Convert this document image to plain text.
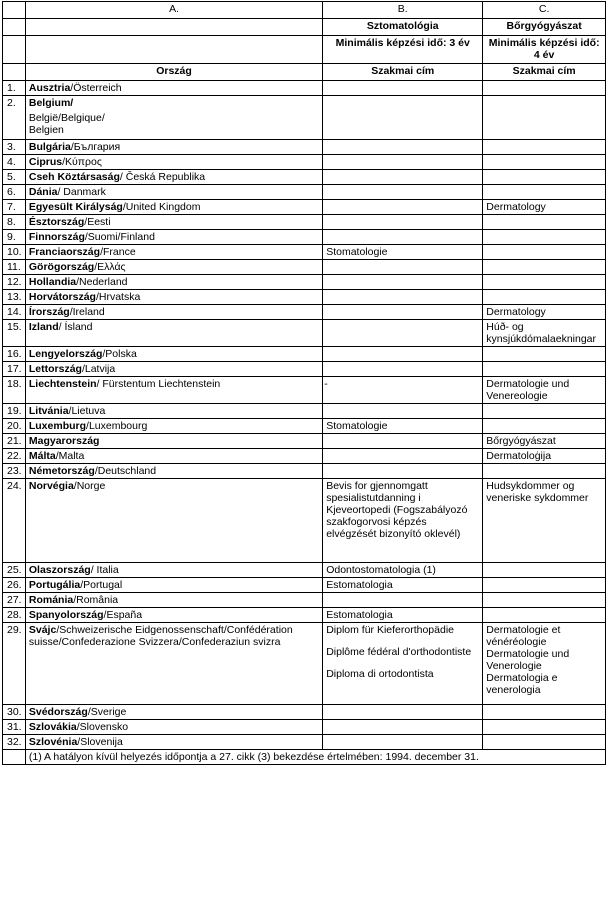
	A.	B.	C.
		Sztomatológia	Bőrgyógyászat
		Minimális képzési idő: 3 év	Minimális képzési idő: 4 év
	Ország	Szakmai cím	Szakmai cím
1.	Ausztria/Österreich		
2.	Belgium/
België/Belgique/ Belgien		
3.	Bulgária/България		
4.	Ciprus/Κύπρος		
5.	Cseh Köztársaság/ Česká Republika		
6.	Dánia/ Danmark		
7.	Egyesült Királyság/United Kingdom		Dermatology
8.	Észtország/Eesti		
9.	Finnország/Suomi/Finland		
10.	Franciaország/France	Stomatologie	
11.	Görögország/Ελλάς		
12.	Hollandia/Nederland		
13.	Horvátország/Hrvatska		
14.	Írország/Ireland		Dermatology
15.	Izland/ Ísland		Húð- og kynsjúkdómalaekningar
16.	Lengyelország/Polska		
17.	Lettország/Latvija		
18.	Liechtenstein/ Fürstentum Liechtenstein	-	Dermatologie und Venereologie
19.	Litvánia/Lietuva		
20.	Luxemburg/Luxembourg	Stomatologie	
21.	Magyarország		Bőrgyógyászat
22.	Málta/Malta		Dermatoloġija
23.	Németország/Deutschland		
24.	Norvégia/Norge	Bevis for gjennomgatt spesialistutdanning i Kjeveortopedi (Fogszabályozó szakfogorvosi képzés elvégzését bizonyító oklevél)	Hudsykdommer og veneriske sykdommer
25.	Olaszország/ Italia	Odontostomatologia (1)	
26.	Portugália/Portugal	Estomatologia	
27.	Románia/România		
28.	Spanyolország/España	Estomatologia	
29.	Svájc/Schweizerische Eidgenossenschaft/Confédération suisse/Confederazione Svizzera/Confederaziun svizra	Diplom für Kieferorthopädie
Diplôme fédéral d'orthodontiste
Diploma di ortodontista	Dermatologie et vénéréologie
Dermatologie und Venerologie
Dermatologia e venerologia

30.	Svédország/Sverige		
31.	Szlovákia/Slovensko		
32.	Szlovénia/Slovenija		
	(1) A hatályon kívül helyezés időpontja a 27. cikk (3) bekezdése értelmében: 1994. december 31.		
